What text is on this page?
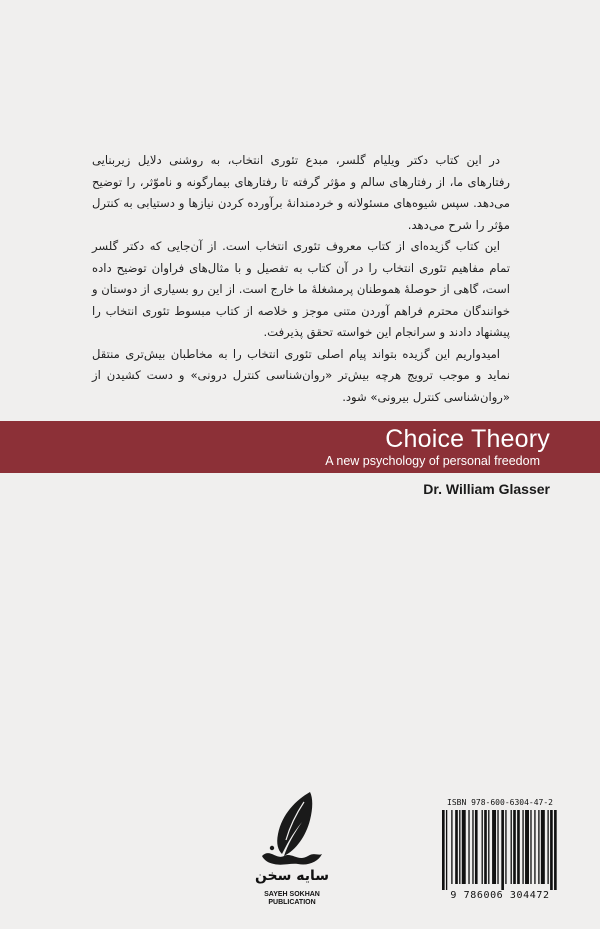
در این کتاب دکتر ویلیام گلسر، مبدع تئوری انتخاب، به روشنی دلایل زیربنایی رفتارهای ما، از رفتارهای سالم و مؤثر گرفته تا رفتارهای بیمارگونه و ناموّثر، را توضیح می‌دهد. سپس شیوه‌های مسئولانه و خردمندانهٔ برآورده کردن نیازها و دستیابی به کنترل مؤثر را شرح می‌دهد.

این کتاب گزیده‌ای از کتاب معروف تئوری انتخاب است. از آن‌جایی که دکتر گلسر تمام مفاهیم تئوری انتخاب را در آن کتاب به تفصیل و با مثال‌های فراوان توضیح داده است، گاهی از حوصلهٔ هموطنان پرمشغلهٔ ما خارج است. از این رو بسیاری از دوستان و خوانندگان محترم فراهم آوردن متنی موجز و خلاصه از کتاب مبسوط تئوری انتخاب را پیشنهاد دادند و سرانجام این خواسته تحقق پذیرفت.

امیدواریم این گزیده بتواند پیام اصلی تئوری انتخاب را به مخاطبان بیش‌تری منتقل نماید و موجب ترویج هرچه بیش‌تر «روان‌شناسی کنترل درونی» و دست کشیدن از «روان‌شناسی کنترل بیرونی» شود.

Choice Theory
A new psychology of personal freedom
Dr. William Glasser
سایه سخن
SAYEH SOKHAN
PUBLICATION
ISBN 978-600-6304-47-2
9 786006 304472
